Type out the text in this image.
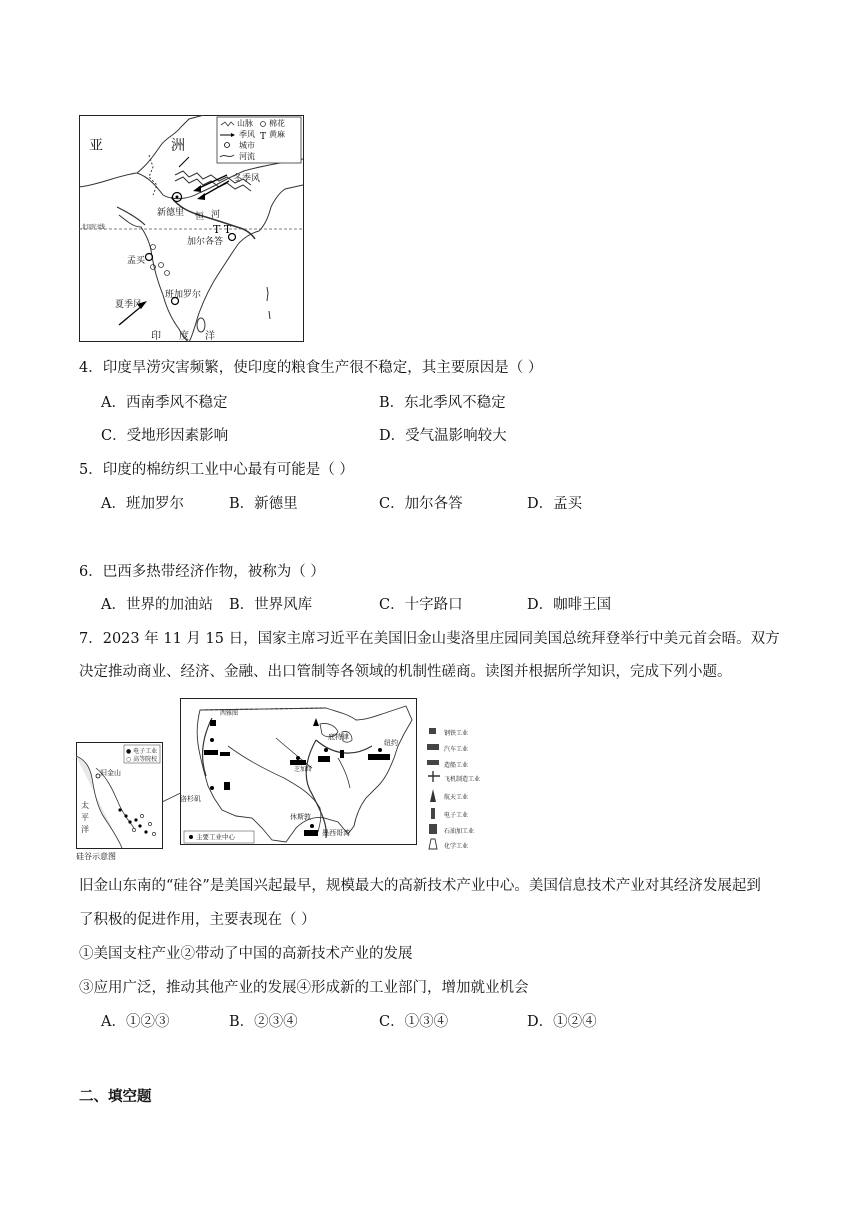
T T
T
亚	洲
山脉 棉花
季风 黄麻
城市
河流
冬季风
新德里 恒 河
北回归线
加尔各答
孟买
班加罗尔
夏季风
印 度 洋
4．印度旱涝灾害频繁，使印度的粮食生产很不稳定，其主要原因是（ ）
A．西南季风不稳定	B．东北季风不稳定
C．受地形因素影响	D．受气温影响较大
5．印度的棉纺织工业中心最有可能是（ ）
A．班加罗尔	B．新德里	C．加尔各答	D．孟买
6．巴西多热带经济作物，被称为（ ）
A．世界的加油站 B．世界风库	C．十字路口	D．咖啡王国
7．2023 年 11 月 15 日，国家主席习近平在美国旧金山斐洛里庄园同美国总统拜登举行中美元首会晤。双方
决定推动商业、经济、金融、出口管制等各领域的机制性磋商。读图并根据所学知识，完成下列小题。
● 电子工业
○ 高等院校
旧金山
太
平
洋
硅谷示意图
西雅图
洛杉矶
芝加哥
底特律
纽约
休斯敦
墨西哥湾
主要工业中心
钢铁工业
汽车工业
造船工业
飞机制造工业
航天工业
电子工业
石油加工业
化学工业
旧金山东南的“硅谷”是美国兴起最早，规模最大的高新技术产业中心。美国信息技术产业对其经济发展起到
了积极的促进作用，主要表现在（ ）
①美国支柱产业②带动了中国的高新技术产业的发展
③应用广泛，推动其他产业的发展④形成新的工业部门，增加就业机会
A．①②③	B．②③④	C．①③④	D．①②④
二、填空题
